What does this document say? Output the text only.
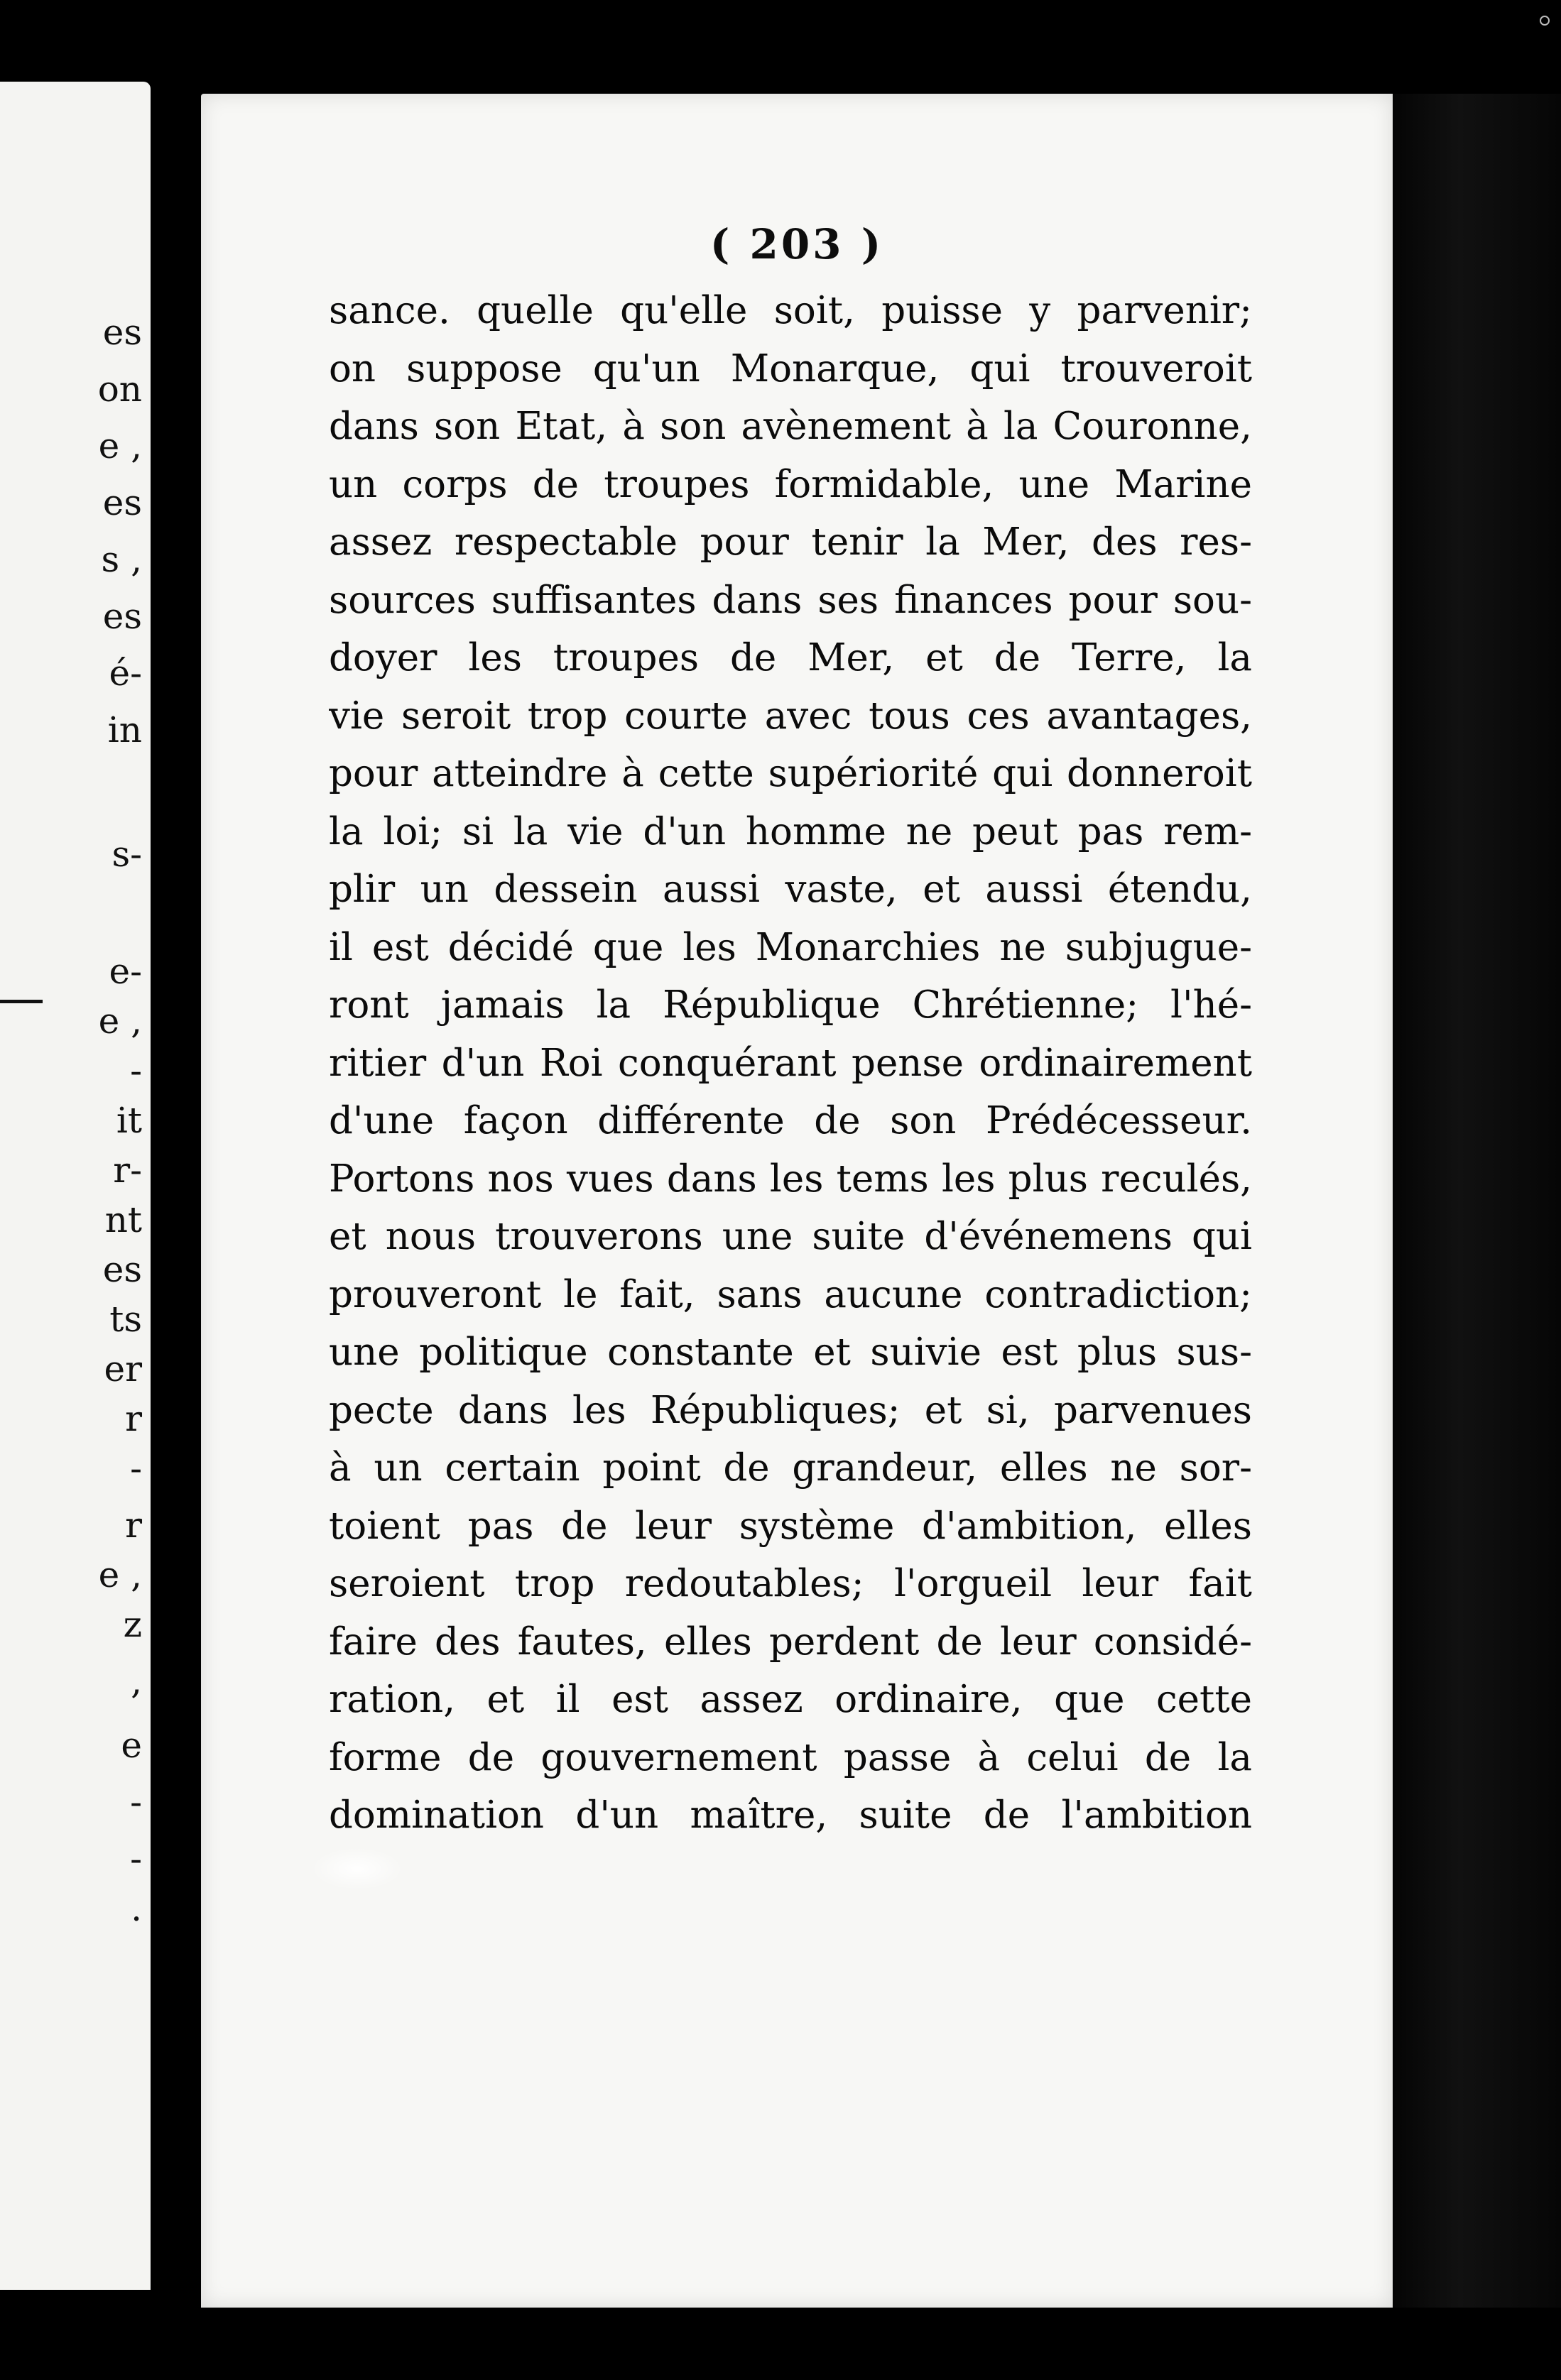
es
on
e ,
es
s ,
es
é-
in
s-
e-
e ,
-
it
r-
nt
es
ts
er
r
-
r
e ,
z
,
e
-
-
.
( 203 )
sance. quelle qu'elle soit, puisse y parvenir;
on suppose qu'un Monarque, qui trouveroit
dans son Etat, à son avènement à la Couronne,
un corps de troupes formidable, une Marine
assez respectable pour tenir la Mer, des res-
sources suffisantes dans ses finances pour sou-
doyer les troupes de Mer, et de Terre, la
vie seroit trop courte avec tous ces avantages,
pour atteindre à cette supériorité qui donneroit
la loi; si la vie d'un homme ne peut pas rem-
plir un dessein aussi vaste, et aussi étendu,
il est décidé que les Monarchies ne subjugue-
ront jamais la République Chrétienne; l'hé-
ritier d'un Roi conquérant pense ordinairement
d'une façon différente de son Prédécesseur.
Portons nos vues dans les tems les plus reculés,
et nous trouverons une suite d'événemens qui
prouveront le fait, sans aucune contradiction;
une politique constante et suivie est plus sus-
pecte dans les Républiques; et si, parvenues
à un certain point de grandeur, elles ne sor-
toient pas de leur système d'ambition, elles
seroient trop redoutables; l'orgueil leur fait
faire des fautes, elles perdent de leur considé-
ration, et il est assez ordinaire, que cette
forme de gouvernement passe à celui de la
domination d'un maître, suite de l'ambition
